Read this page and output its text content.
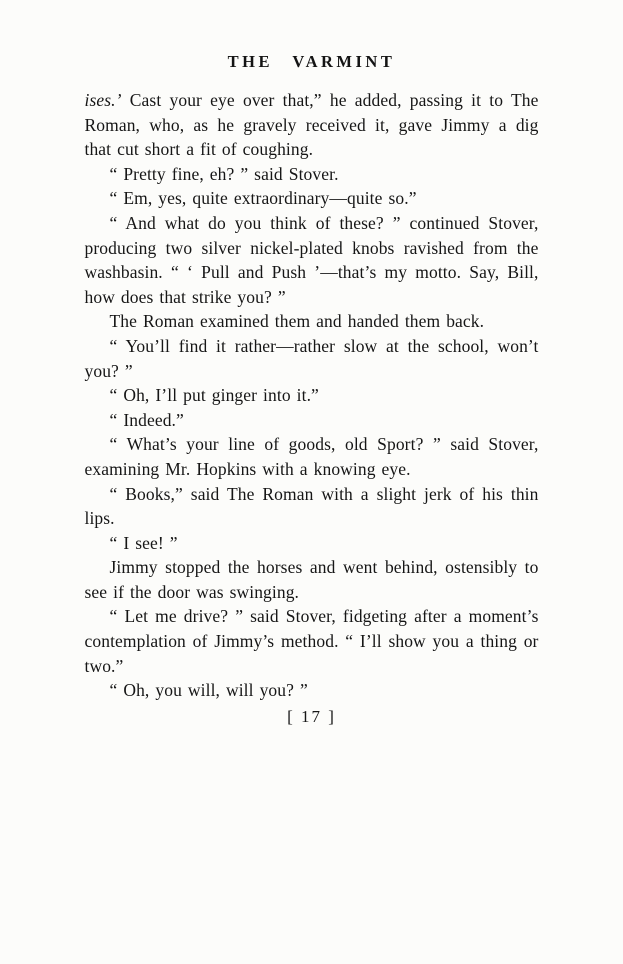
THE VARMINT

ises.’ Cast your eye over that,” he added, passing it to The Roman, who, as he gravely received it, gave Jimmy a dig that cut short a fit of coughing.

“ Pretty fine, eh? ” said Stover.

“ Em, yes, quite extraordinary—quite so.”

“ And what do you think of these? ” continued Stover, producing two silver nickel-plated knobs ravished from the washbasin. “ ‘ Pull and Push ’—that’s my motto. Say, Bill, how does that strike you? ”

The Roman examined them and handed them back.

“ You’ll find it rather—rather slow at the school, won’t you? ”

“ Oh, I’ll put ginger into it.”

“ Indeed.”

“ What’s your line of goods, old Sport? ” said Stover, examining Mr. Hopkins with a knowing eye.

“ Books,” said The Roman with a slight jerk of his thin lips.

“ I see! ”

Jimmy stopped the horses and went behind, ostensibly to see if the door was swinging.

“ Let me drive? ” said Stover, fidgeting after a moment’s contemplation of Jimmy’s method. “ I’ll show you a thing or two.”

“ Oh, you will, will you? ”

[ 17 ]
